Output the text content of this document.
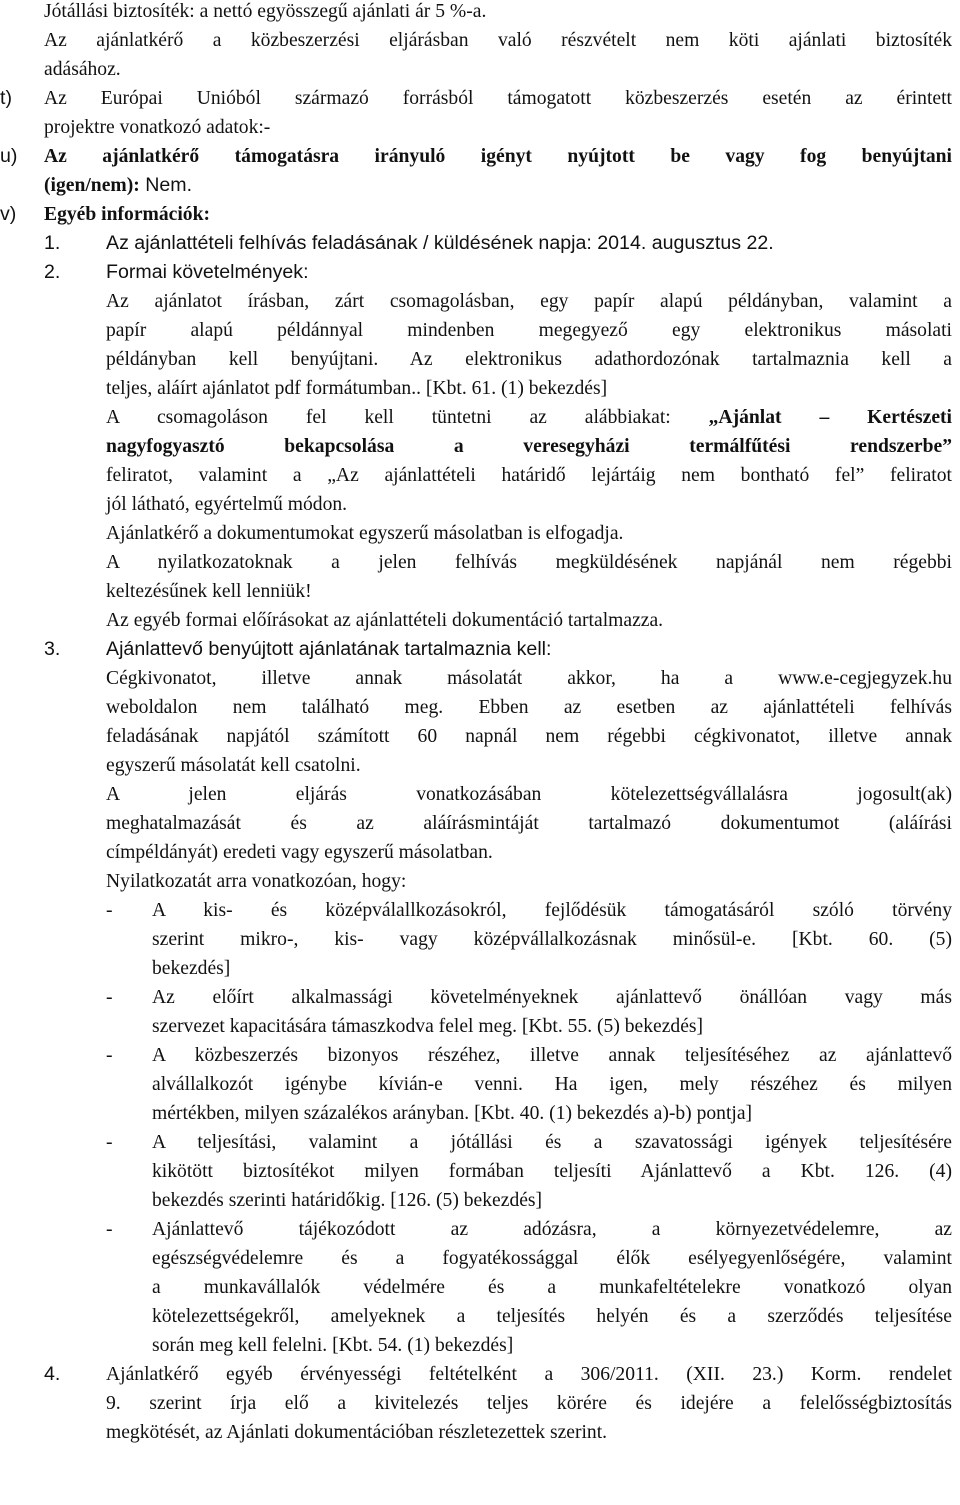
Jótállási biztosíték: a nettó egyösszegű ajánlati ár 5 %-a.
Az ajánlatkérő a közbeszerzési eljárásban való részvételt nem köti ajánlati biztosíték
adásához.
t)	Az Európai Unióból származó forrásból támogatott közbeszerzés esetén az érintett
projektre vonatkozó adatok:-
u)	Az ajánlatkérő támogatásra irányuló igényt nyújtott be vagy fog benyújtani
(igen/nem): Nem.
v)	Egyéb információk:
1.	Az ajánlattételi felhívás feladásának / küldésének napja: 2014. augusztus 22.
2.	Formai követelmények:
Az ajánlatot írásban, zárt csomagolásban, egy papír alapú példányban, valamint a
papír alapú példánnyal mindenben megegyező egy elektronikus másolati
példányban kell benyújtani. Az elektronikus adathordozónak tartalmaznia kell a
teljes, aláírt ajánlatot pdf formátumban.. [Kbt. 61. (1) bekezdés]
A csomagoláson fel kell tüntetni az alábbiakat: „Ajánlat – Kertészeti
nagyfogyasztó bekapcsolása a veresegyházi termálfűtési rendszerbe”
feliratot, valamint a „Az ajánlattételi határidő lejártáig nem bontható fel” feliratot
jól látható, egyértelmű módon.
Ajánlatkérő a dokumentumokat egyszerű másolatban is elfogadja.
A nyilatkozatoknak a jelen felhívás megküldésének napjánál nem régebbi
keltezésűnek kell lenniük!
Az egyéb formai előírásokat az ajánlattételi dokumentáció tartalmazza.
3.	Ajánlattevő benyújtott ajánlatának tartalmaznia kell:
Cégkivonatot, illetve annak másolatát akkor, ha a www.e-cegjegyzek.hu
weboldalon nem található meg. Ebben az esetben az ajánlattételi felhívás
feladásának napjától számított 60 napnál nem régebbi cégkivonatot, illetve annak
egyszerű másolatát kell csatolni.
A jelen eljárás vonatkozásában kötelezettségvállalásra jogosult(ak)
meghatalmazását és az aláírásmintáját tartalmazó dokumentumot (aláírási
címpéldányát) eredeti vagy egyszerű másolatban.
Nyilatkozatát arra vonatkozóan, hogy:
- A kis- és középválallkozásokról, fejlődésük támogatásáról szóló törvény
szerint mikro-, kis- vagy középvállalkozásnak minősül-e. [Kbt. 60. (5)
bekezdés]
- Az előírt alkalmassági követelményeknek ajánlattevő önállóan vagy más
szervezet kapacitására támaszkodva felel meg. [Kbt. 55. (5) bekezdés]
- A közbeszerzés bizonyos részéhez, illetve annak teljesítéséhez az ajánlattevő
alvállalkozót igénybe kívián-e venni. Ha igen, mely részéhez és milyen
mértékben, milyen százalékos arányban. [Kbt. 40. (1) bekezdés a)-b) pontja]
- A teljesítási, valamint a jótállási és a szavatossági igények teljesítésére
kikötött biztosítékot milyen formában teljesíti Ajánlattevő a Kbt. 126. (4)
bekezdés szerinti határidőkig. [126. (5) bekezdés]
- Ajánlattevő tájékozódott az adózásra, a környezetvédelemre, az
egészségvédelemre és a fogyatékossággal élők esélyegyenlőségére, valamint
a munkavállalók védelmére és a munkafeltételekre vonatkozó olyan
kötelezettségekről, amelyeknek a teljesítés helyén és a szerződés teljesítése
során meg kell felelni. [Kbt. 54. (1) bekezdés]
4.	Ajánlatkérő egyéb érvényességi feltételként a 306/2011. (XII. 23.) Korm. rendelet
9. szerint írja elő a kivitelezés teljes körére és idejére a felelősségbiztosítás
megkötését, az Ajánlati dokumentációban részletezettek szerint.
